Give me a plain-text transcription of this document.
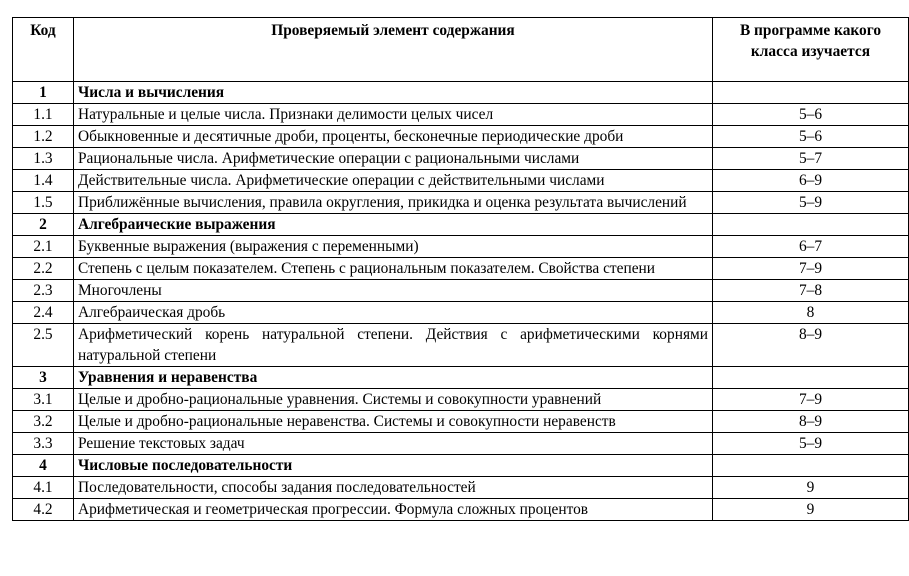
Код	Проверяемый элемент содержания	В программе какого класса изучается
1	Числа и вычисления	
1.1	Натуральные и целые числа. Признаки делимости целых чисел	5–6
1.2	Обыкновенные и десятичные дроби, проценты, бесконечные периодические дроби	5–6
1.3	Рациональные числа. Арифметические операции с рациональными числами	5–7
1.4	Действительные числа. Арифметические операции с действительными числами	6–9
1.5	Приближённые вычисления, правила округления, прикидка и оценка результата вычислений	5–9
2	Алгебраические выражения	
2.1	Буквенные выражения (выражения с переменными)	6–7
2.2	Степень с целым показателем. Степень с рациональным показателем. Свойства степени	7–9
2.3	Многочлены	7–8
2.4	Алгебраическая дробь	8
2.5	Арифметический корень натуральной степени. Действия с арифметическими корнями натуральной степени	8–9
3	Уравнения и неравенства	
3.1	Целые и дробно-рациональные уравнения. Системы и совокупности уравнений	7–9
3.2	Целые и дробно-рациональные неравенства. Системы и совокупности неравенств	8–9
3.3	Решение текстовых задач	5–9
4	Числовые последовательности	
4.1	Последовательности, способы задания последовательностей	9
4.2	Арифметическая и геометрическая прогрессии. Формула сложных процентов	9
